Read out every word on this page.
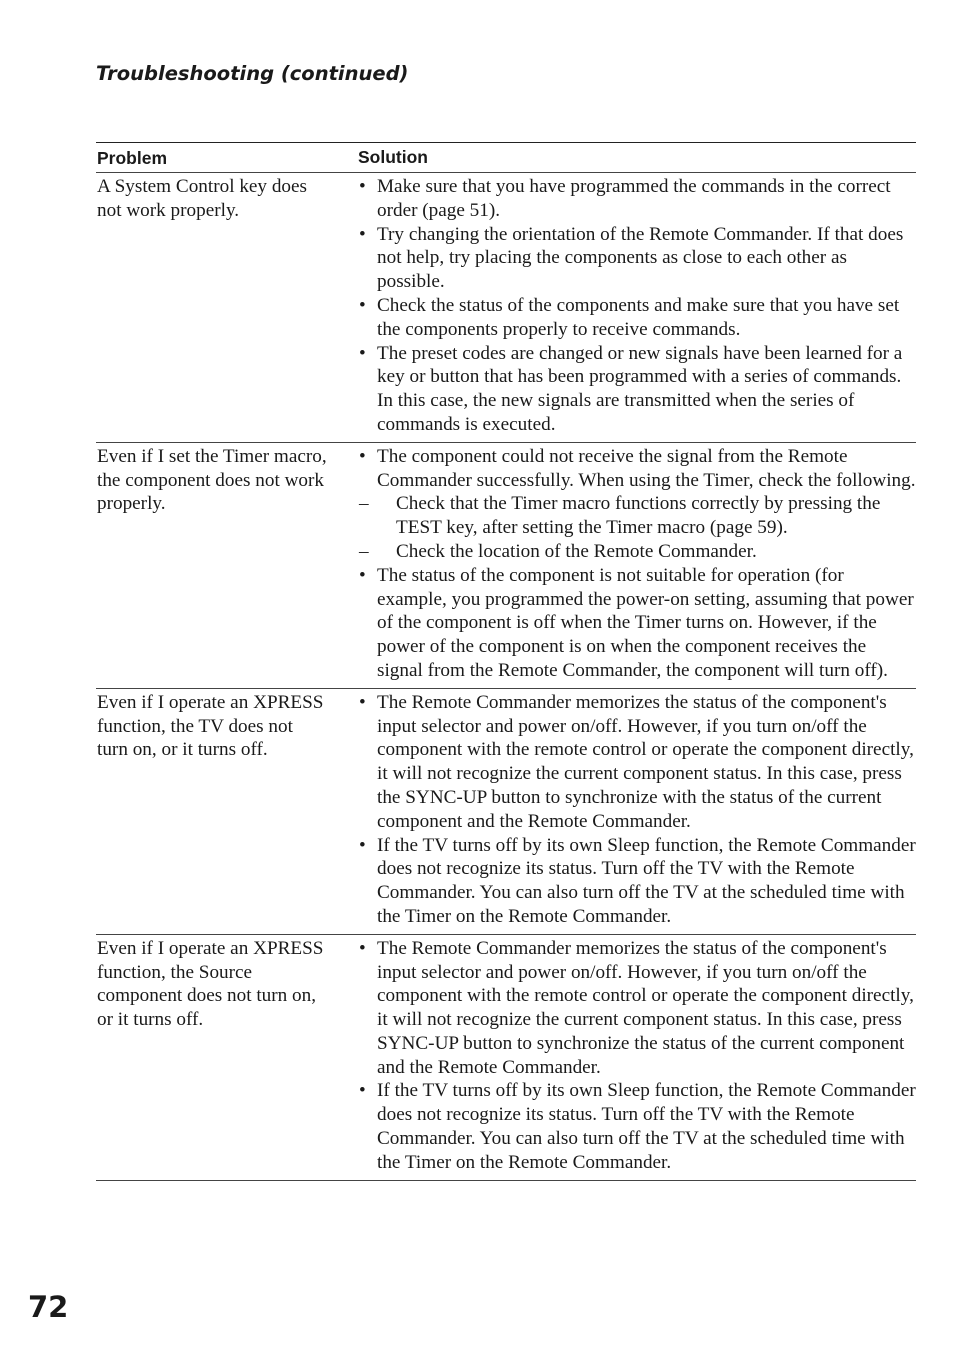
Troubleshooting (continued)
Problem	Solution
A System Control key does not work properly.
• Make sure that you have programmed the commands in the correct order (page 51).
• Try changing the orientation of the Remote Commander. If that does not help, try placing the components as close to each other as possible.
• Check the status of the components and make sure that you have set the components properly to receive commands.
• The preset codes are changed or new signals have been learned for a key or button that has been programmed with a series of commands. In this case, the new signals are transmitted when the series of commands is executed.
Even if I set the Timer macro, the component does not work properly.
• The component could not receive the signal from the Remote Commander successfully. When using the Timer, check the following.
– Check that the Timer macro functions correctly by pressing the TEST key, after setting the Timer macro (page 59).
– Check the location of the Remote Commander.
• The status of the component is not suitable for operation (for example, you programmed the power-on setting, assuming that power of the component is off when the Timer turns on. However, if the power of the component is on when the component receives the signal from the Remote Commander, the component will turn off).
Even if I operate an XPRESS function, the TV does not turn on, or it turns off.
• The Remote Commander memorizes the status of the component's input selector and power on/off. However, if you turn on/off the component with the remote control or operate the component directly, it will not recognize the current component status. In this case, press the SYNC-UP button to synchronize with the status of the current component and the Remote Commander.
• If the TV turns off by its own Sleep function, the Remote Commander does not recognize its status. Turn off the TV with the Remote Commander. You can also turn off the TV at the scheduled time with the Timer on the Remote Commander.
Even if I operate an XPRESS function, the Source component does not turn on, or it turns off.
• The Remote Commander memorizes the status of the component's input selector and power on/off. However, if you turn on/off the component with the remote control or operate the component directly, it will not recognize the current component status. In this case, press SYNC-UP button to synchronize the status of the current component and the Remote Commander.
• If the TV turns off by its own Sleep function, the Remote Commander does not recognize its status. Turn off the TV with the Remote Commander. You can also turn off the TV at the scheduled time with the Timer on the Remote Commander.
72
